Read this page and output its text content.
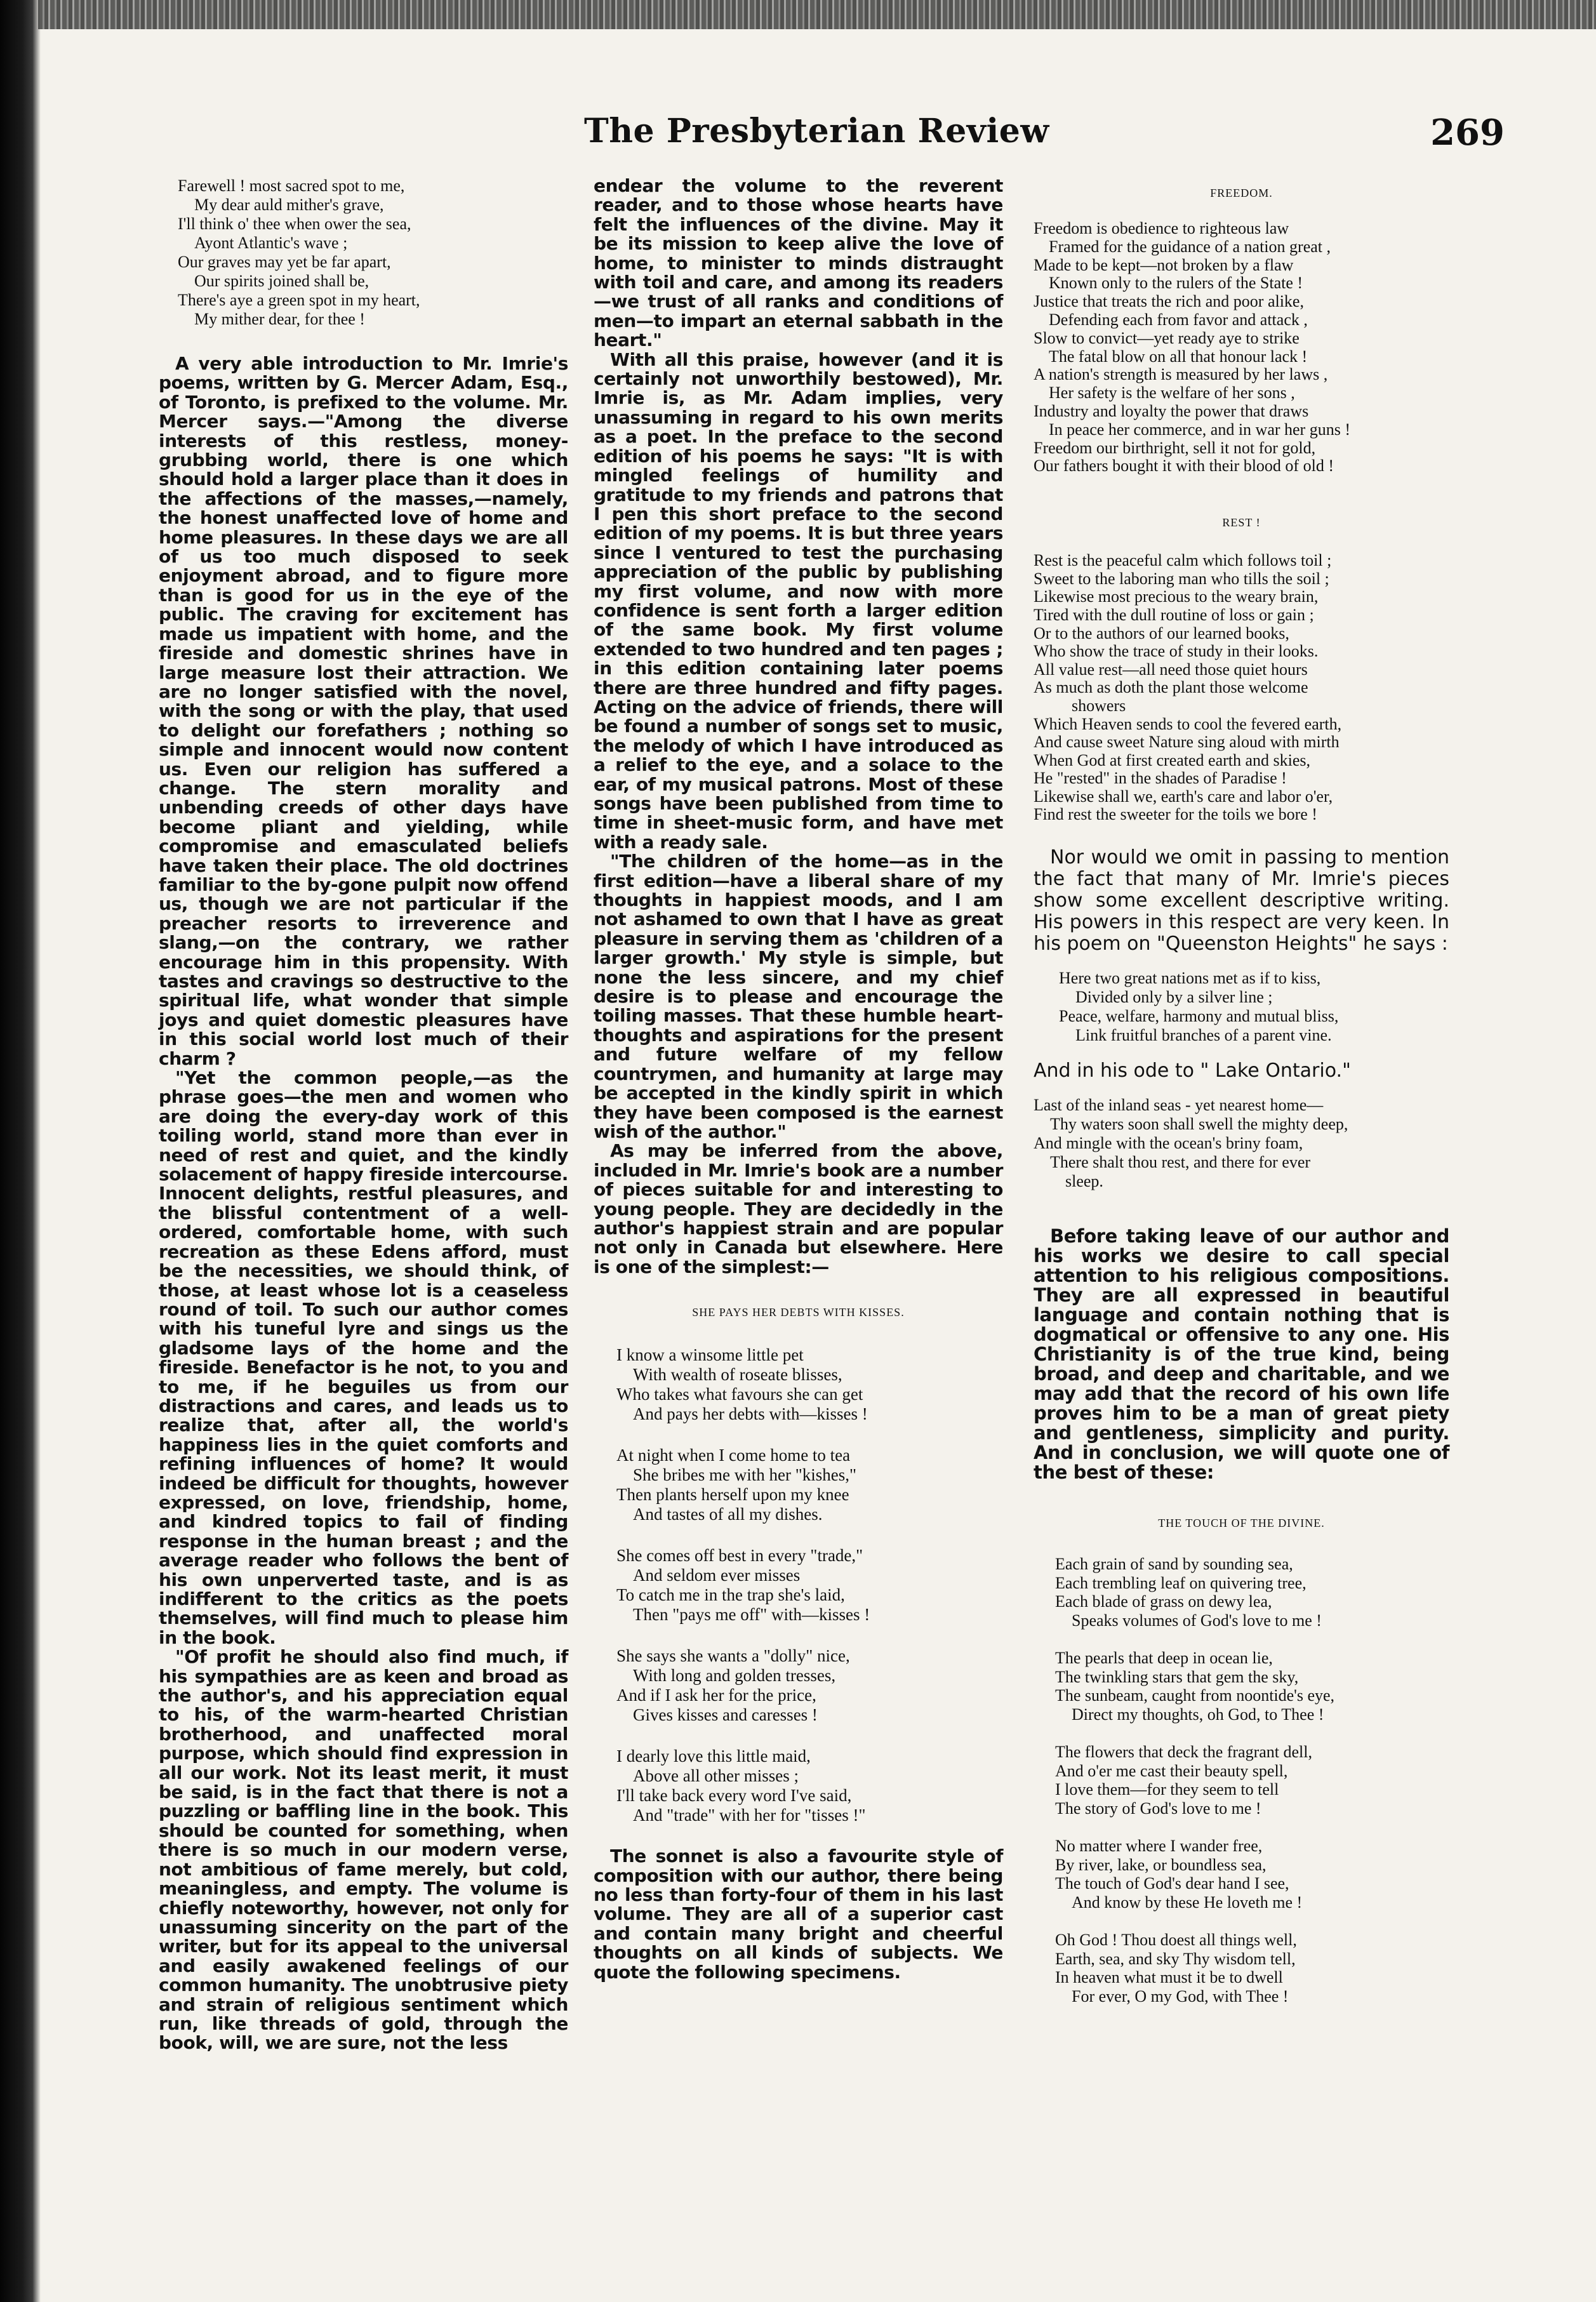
The Presbyterian Review	269
Farewell ! most sacred spot to me,
My dear auld mither's grave,
I'll think o' thee when ower the sea,
Ayont Atlantic's wave ;
Our graves may yet be far apart,
Our spirits joined shall be,
There's aye a green spot in my heart,
My mither dear, for thee !

A very able introduction to Mr. Imrie's poems, written by G. Mercer Adam, Esq., of Toronto, is prefixed to the volume. Mr. Mercer says.—"Among the diverse interests of this restless, money-grubbing world, there is one which should hold a larger place than it does in the affections of the masses,—namely, the honest unaffected love of home and home pleasures. In these days we are all of us too much disposed to seek enjoyment abroad, and to figure more than is good for us in the eye of the public. The craving for excitement has made us impatient with home, and the fireside and domestic shrines have in large measure lost their attraction. We are no longer satisfied with the novel, with the song or with the play, that used to delight our forefathers ; nothing so simple and innocent would now content us. Even our religion has suffered a change. The stern morality and unbending creeds of other days have become pliant and yielding, while compromise and emasculated beliefs have taken their place. The old doctrines familiar to the by-gone pulpit now offend us, though we are not particular if the preacher resorts to irreverence and slang,—on the contrary, we rather encourage him in this propensity. With tastes and cravings so destructive to the spiritual life, what wonder that simple joys and quiet domestic pleasures have in this social world lost much of their charm ?

"Yet the common people,—as the phrase goes—the men and women who are doing the every-day work of this toiling world, stand more than ever in need of rest and quiet, and the kindly solacement of happy fireside intercourse. Innocent delights, restful pleasures, and the blissful contentment of a well-ordered, comfortable home, with such recreation as these Edens afford, must be the necessities, we should think, of those, at least whose lot is a ceaseless round of toil. To such our author comes with his tuneful lyre and sings us the gladsome lays of the home and the fireside. Benefactor is he not, to you and to me, if he beguiles us from our distractions and cares, and leads us to realize that, after all, the world's happiness lies in the quiet comforts and refining influences of home? It would indeed be difficult for thoughts, however expressed, on love, friendship, home, and kindred topics to fail of finding response in the human breast ; and the average reader who follows the bent of his own unperverted taste, and is as indifferent to the critics as the poets themselves, will find much to please him in the book.

"Of profit he should also find much, if his sympathies are as keen and broad as the author's, and his appreciation equal to his, of the warm-hearted Christian brotherhood, and unaffected moral purpose, which should find expression in all our work. Not its least merit, it must be said, is in the fact that there is not a puzzling or baffling line in the book. This should be counted for something, when there is so much in our modern verse, not ambitious of fame merely, but cold, meaningless, and empty. The volume is chiefly noteworthy, however, not only for unassuming sincerity on the part of the writer, but for its appeal to the universal and easily awakened feelings of our common humanity. The unobtrusive piety and strain of religious sentiment which run, like threads of gold, through the book, will, we are sure, not the less

endear the volume to the reverent reader, and to those whose hearts have felt the influences of the divine. May it be its mission to keep alive the love of home, to minister to minds distraught with toil and care, and among its readers—we trust of all ranks and conditions of men—to impart an eternal sabbath in the heart."

With all this praise, however (and it is certainly not unworthily bestowed), Mr. Imrie is, as Mr. Adam implies, very unassuming in regard to his own merits as a poet. In the preface to the second edition of his poems he says: "It is with mingled feelings of humility and gratitude to my friends and patrons that I pen this short preface to the second edition of my poems. It is but three years since I ventured to test the purchasing appreciation of the public by publishing my first volume, and now with more confidence is sent forth a larger edition of the same book. My first volume extended to two hundred and ten pages ; in this edition containing later poems there are three hundred and fifty pages. Acting on the advice of friends, there will be found a number of songs set to music, the melody of which I have introduced as a relief to the eye, and a solace to the ear, of my musical patrons. Most of these songs have been published from time to time in sheet-music form, and have met with a ready sale.

"The children of the home—as in the first edition—have a liberal share of my thoughts in happiest moods, and I am not ashamed to own that I have as great pleasure in serving them as 'children of a larger growth.' My style is simple, but none the less sincere, and my chief desire is to please and encourage the toiling masses. That these humble heart-thoughts and aspirations for the present and future welfare of my fellow countrymen, and humanity at large may be accepted in the kindly spirit in which they have been composed is the earnest wish of the author."

As may be inferred from the above, included in Mr. Imrie's book are a number of pieces suitable for and interesting to young people. They are decidedly in the author's happiest strain and are popular not only in Canada but elsewhere. Here is one of the simplest:—

SHE PAYS HER DEBTS WITH KISSES.
I know a winsome little pet
With wealth of roseate blisses,
Who takes what favours she can get
And pays her debts with—kisses !
At night when I come home to tea
She bribes me with her "kishes,"
Then plants herself upon my knee
And tastes of all my dishes.
She comes off best in every "trade,"
And seldom ever misses
To catch me in the trap she's laid,
Then "pays me off" with—kisses !
She says she wants a "dolly" nice,
With long and golden tresses,
And if I ask her for the price,
Gives kisses and caresses !
I dearly love this little maid,
Above all other misses ;
I'll take back every word I've said,
And "trade" with her for "tisses !"

The sonnet is also a favourite style of composition with our author, there being no less than forty-four of them in his last volume. They are all of a superior cast and contain many bright and cheerful thoughts on all kinds of subjects. We quote the following specimens.

FREEDOM.
Freedom is obedience to righteous law
Framed for the guidance of a nation great ,
Made to be kept—not broken by a flaw
Known only to the rulers of the State !
Justice that treats the rich and poor alike,
Defending each from favor and attack ,
Slow to convict—yet ready aye to strike
The fatal blow on all that honour lack !
A nation's strength is measured by her laws ,
Her safety is the welfare of her sons ,
Industry and loyalty the power that draws
In peace her commerce, and in war her guns !
Freedom our birthright, sell it not for gold,
Our fathers bought it with their blood of old !
REST !
Rest is the peaceful calm which follows toil ;
Sweet to the laboring man who tills the soil ;
Likewise most precious to the weary brain,
Tired with the dull routine of loss or gain ;
Or to the authors of our learned books,
Who show the trace of study in their looks.
All value rest—all need those quiet hours
As much as doth the plant those welcome
showers
Which Heaven sends to cool the fevered earth,
And cause sweet Nature sing aloud with mirth
When God at first created earth and skies,
He "rested" in the shades of Paradise !
Likewise shall we, earth's care and labor o'er,
Find rest the sweeter for the toils we bore !
Nor would we omit in passing to mention the fact that many of Mr. Imrie's pieces show some excellent descriptive writing. His powers in this respect are very keen. In his poem on "Queenston Heights" he says :
Here two great nations met as if to kiss,
Divided only by a silver line ;
Peace, welfare, harmony and mutual bliss,
Link fruitful branches of a parent vine.
And in his ode to " Lake Ontario."
Last of the inland seas - yet nearest home—
Thy waters soon shall swell the mighty deep,
And mingle with the ocean's briny foam,
There shalt thou rest, and there for ever
sleep.

Before taking leave of our author and his works we desire to call special attention to his religious compositions. They are all expressed in beautiful language and contain nothing that is dogmatical or offensive to any one. His Christianity is of the true kind, being broad, and deep and charitable, and we may add that the record of his own life proves him to be a man of great piety and gentleness, simplicity and purity. And in conclusion, we will quote one of the best of these:

THE TOUCH OF THE DIVINE.
Each grain of sand by sounding sea,
Each trembling leaf on quivering tree,
Each blade of grass on dewy lea,
Speaks volumes of God's love to me !
The pearls that deep in ocean lie,
The twinkling stars that gem the sky,
The sunbeam, caught from noontide's eye,
Direct my thoughts, oh God, to Thee !
The flowers that deck the fragrant dell,
And o'er me cast their beauty spell,
I love them—for they seem to tell
The story of God's love to me !
No matter where I wander free,
By river, lake, or boundless sea,
The touch of God's dear hand I see,
And know by these He loveth me !
Oh God ! Thou doest all things well,
Earth, sea, and sky Thy wisdom tell,
In heaven what must it be to dwell
For ever, O my God, with Thee !
